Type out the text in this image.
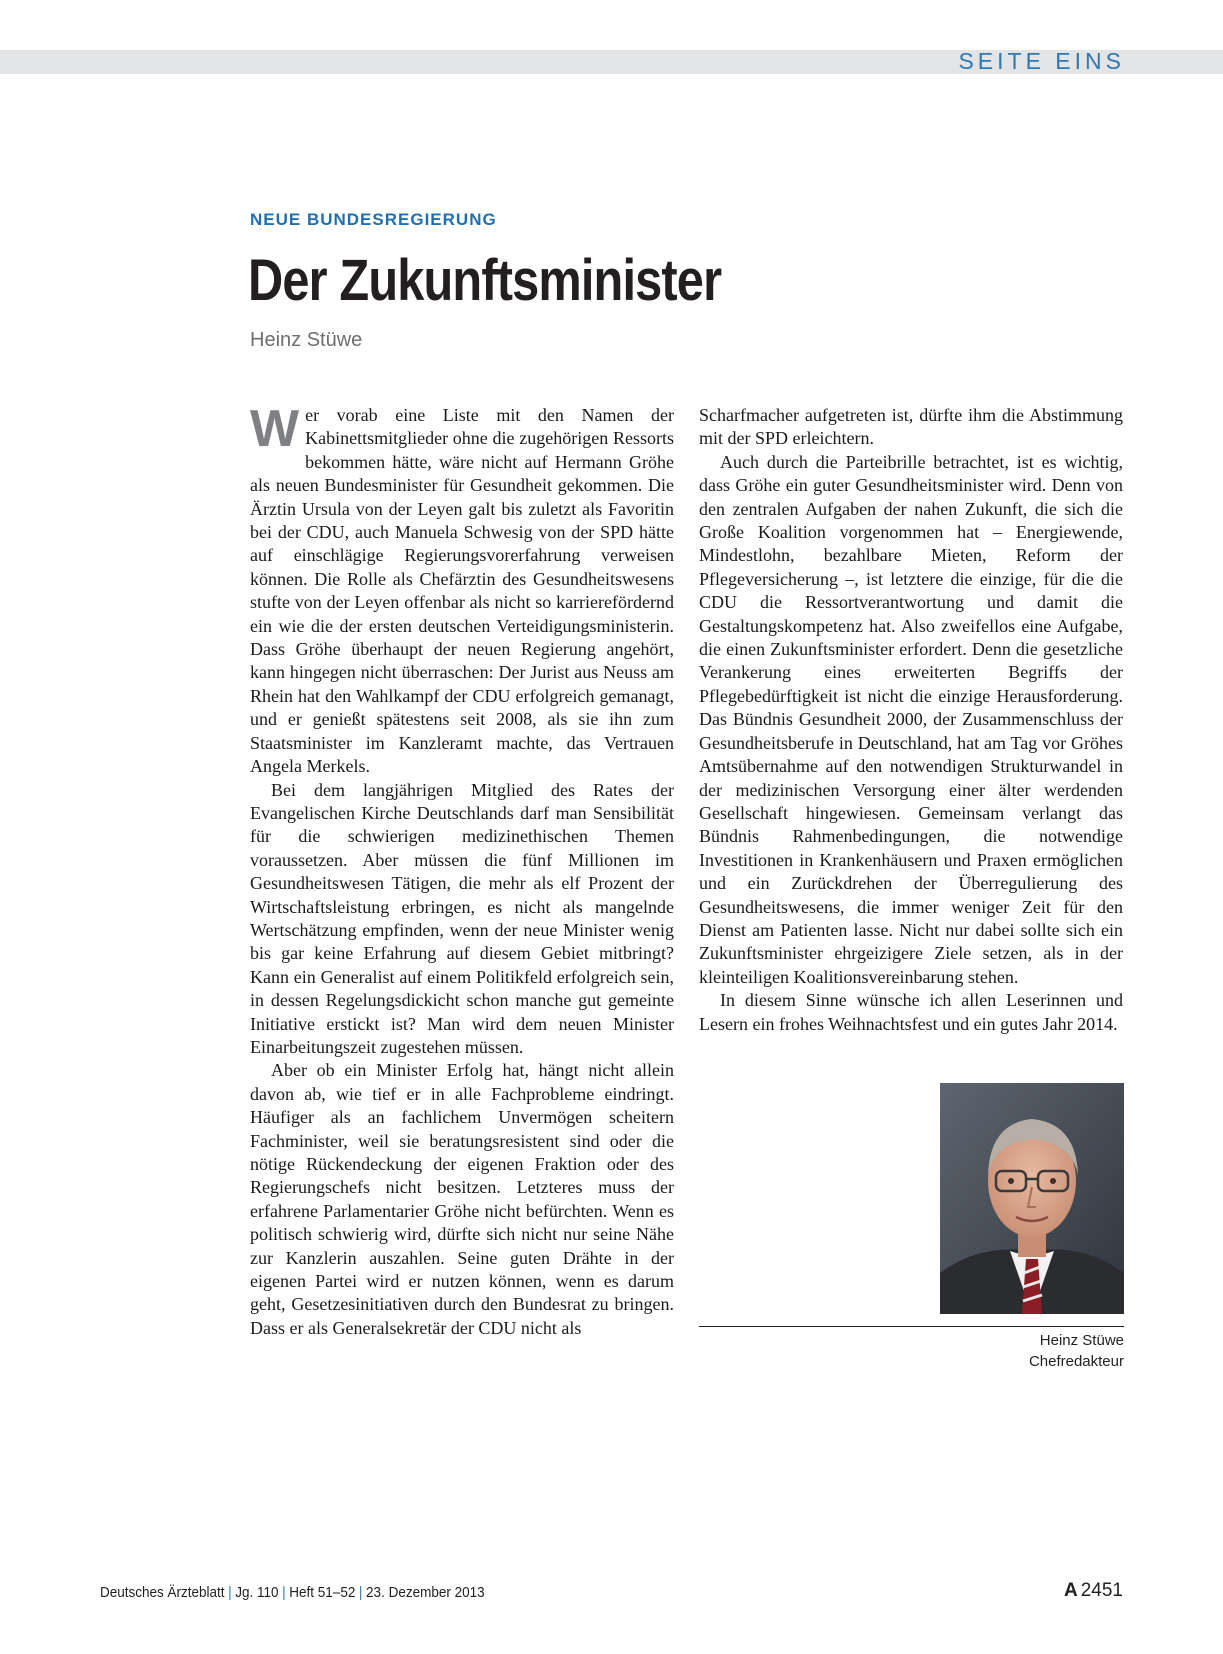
SEITE EINS
NEUE BUNDESREGIERUNG
Der Zukunftsminister
Heinz Stüwe

Wer vorab eine Liste mit den Namen der Kabinettsmitglieder ohne die zugehörigen Ressorts bekommen hätte, wäre nicht auf Hermann Gröhe als neuen Bundesminister für Gesundheit gekommen. Die Ärztin Ursula von der Leyen galt bis zuletzt als Favoritin bei der CDU, auch Manuela Schwesig von der SPD hätte auf einschlägige Regierungsvorerfahrung verweisen können. Die Rolle als Chefärztin des Gesundheitswesens stufte von der Leyen offenbar als nicht so karrierefördernd ein wie die der ersten deutschen Verteidigungsministerin. Dass Gröhe überhaupt der neuen Regierung angehört, kann hingegen nicht überraschen: Der Jurist aus Neuss am Rhein hat den Wahlkampf der CDU erfolgreich gemanagt, und er genießt spätestens seit 2008, als sie ihn zum Staatsminister im Kanzleramt machte, das Vertrauen Angela Merkels.

Bei dem langjährigen Mitglied des Rates der Evangelischen Kirche Deutschlands darf man Sensibilität für die schwierigen medizinethischen Themen voraussetzen. Aber müssen die fünf Millionen im Gesundheitswesen Tätigen, die mehr als elf Prozent der Wirtschaftsleistung erbringen, es nicht als mangelnde Wertschätzung empfinden, wenn der neue Minister wenig bis gar keine Erfahrung auf diesem Gebiet mitbringt? Kann ein Generalist auf einem Politikfeld erfolgreich sein, in dessen Regelungsdickicht schon manche gut gemeinte Initiative erstickt ist? Man wird dem neuen Minister Einarbeitungszeit zugestehen müssen.

Aber ob ein Minister Erfolg hat, hängt nicht allein davon ab, wie tief er in alle Fachprobleme eindringt. Häufiger als an fachlichem Unvermögen scheitern Fachminister, weil sie beratungsresistent sind oder die nötige Rückendeckung der eigenen Fraktion oder des Regierungschefs nicht besitzen. Letzteres muss der erfahrene Parlamentarier Gröhe nicht befürchten. Wenn es politisch schwierig wird, dürfte sich nicht nur seine Nähe zur Kanzlerin auszahlen. Seine guten Drähte in der eigenen Partei wird er nutzen können, wenn es darum geht, Gesetzesinitiativen durch den Bundesrat zu bringen. Dass er als Generalsekretär der CDU nicht als

Scharfmacher aufgetreten ist, dürfte ihm die Abstimmung mit der SPD erleichtern.

Auch durch die Parteibrille betrachtet, ist es wichtig, dass Gröhe ein guter Gesundheitsminister wird. Denn von den zentralen Aufgaben der nahen Zukunft, die sich die Große Koalition vorgenommen hat – Energiewende, Mindestlohn, bezahlbare Mieten, Reform der Pflegeversicherung –, ist letztere die einzige, für die die CDU die Ressortverantwortung und damit die Gestaltungskompetenz hat. Also zweifellos eine Aufgabe, die einen Zukunftsminister erfordert. Denn die gesetzliche Verankerung eines erweiterten Begriffs der Pflegebedürftigkeit ist nicht die einzige Herausforderung. Das Bündnis Gesundheit 2000, der Zusammenschluss der Gesundheitsberufe in Deutschland, hat am Tag vor Gröhes Amtsübernahme auf den notwendigen Strukturwandel in der medizinischen Versorgung einer älter werdenden Gesellschaft hingewiesen. Gemeinsam verlangt das Bündnis Rahmenbedingungen, die notwendige Investitionen in Krankenhäusern und Praxen ermöglichen und ein Zurückdrehen der Überregulierung des Gesundheitswesens, die immer weniger Zeit für den Dienst am Patienten lasse. Nicht nur dabei sollte sich ein Zukunftsminister ehrgeizigere Ziele setzen, als in der kleinteiligen Koalitionsvereinbarung stehen.

In diesem Sinne wünsche ich allen Leserinnen und Lesern ein frohes Weihnachtsfest und ein gutes Jahr 2014.

Heinz Stüwe
Chefredakteur
Deutsches Ärzteblatt | Jg. 110 | Heft 51–52 | 23. Dezember 2013	A 2451
